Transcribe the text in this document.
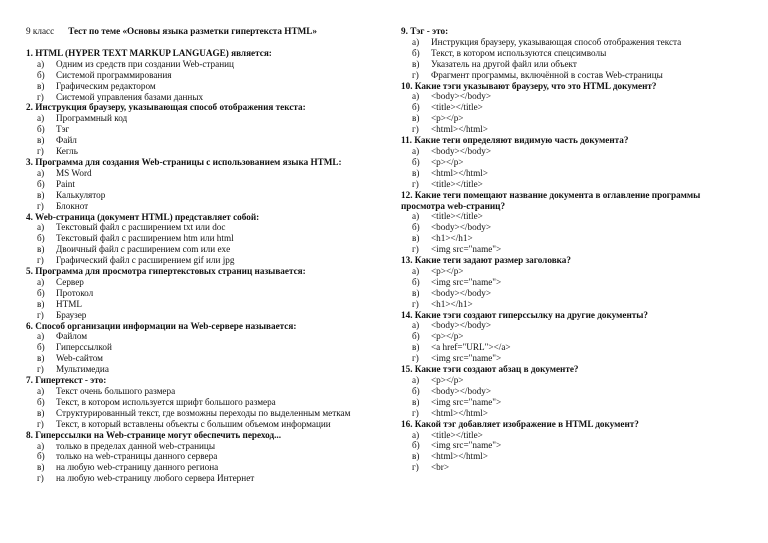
9 класс Тест по теме «Основы языка разметки гипертекста HTML»
1. HTML (HYPER TEXT MARKUP LANGUAGE) является:
а)	Одним из средств при создании Web-страниц
б)	Системой программирования
в)	Графическим редактором
г)	Системой управления базами данных
2. Инструкция браузеру, указывающая способ отображения текста:
а)	Программный код
б)	Тэг
в)	Файл
г)	Кегль
3. Программа для создания Web-страницы с использованием языка HTML:
а)	MS Word
б)	Paint
в)	Калькулятор
г)	Блокнот
4. Web-страница (документ HTML) представляет собой:
а)	Текстовый файл с расширением txt или doc
б)	Текстовый файл с расширением htm или html
в)	Двоичный файл с расширением com или exe
г)	Графический файл с расширением gif или jpg
5. Программа для просмотра гипертекстовых страниц называется:
а)	Сервер
б)	Протокол
в)	HTML
г)	Браузер
6. Способ организации информации на Web-сервере называется:
а)	Файлом
б)	Гиперссылкой
в)	Web-сайтом
г)	Мультимедиа
7. Гипертекст - это:
а)	Текст очень большого размера
б)	Текст, в котором используется шрифт большого размера
в)	Структурированный текст, где возможны переходы по выделенным меткам
г)	Текст, в который вставлены объекты с большим объемом информации
8. Гиперссылки на Web-странице могут обеспечить переход...
а)	только в пределах данной web-страницы
б)	только на web-страницы данного сервера
в)	на любую web-страницу данного региона
г)	на любую web-страницу любого сервера Интернет
9. Тэг - это:
а)	Инструкция браузеру, указывающая способ отображения текста
б)	Текст, в котором используются спецсимволы
в)	Указатель на другой файл или объект
г)	Фрагмент программы, включённой в состав Web-страницы
10. Какие тэги указывают браузеру, что это HTML документ?
а)	<body></body>
б)	<title></title>
в)	<p></p>
г)	<html></html>
11. Какие теги определяют видимую часть документа?
а)	<body></body>
б)	<p></p>
в)	<html></html>
г)	<title></title>
12. Какие теги помещают название документа в оглавление программы просмотра web-страниц?
а)	<title></title>
б)	<body></body>
в)	<h1></h1>
г)	<img src="name">
13. Какие теги задают размер заголовка?
а)	<p></p>
б)	<img src="name">
в)	<body></body>
г)	<h1></h1>
14. Какие тэги создают гиперссылку на другие документы?
а)	<body></body>
б)	<p></p>
в)	<a href="URL"></a>
г)	<img src="name">
15. Какие тэги создают абзац в документе?
а)	<p></p>
б)	<body></body>
в)	<img src="name">
г)	<html></html>
16. Какой тэг добавляет изображение в HTML документ?
а)	<title></title>
б)	<img src="name">
в)	<html></html>
г)	<br>
